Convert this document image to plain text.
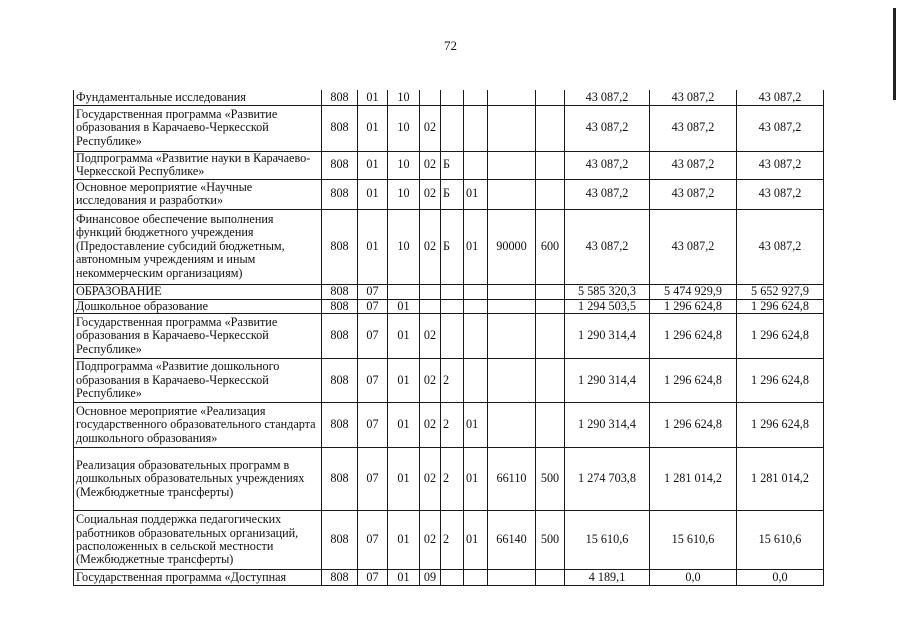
72
Фундаментальные исследования	808	01	10						43 087,2	43 087,2	43 087,2
Государственная программа «Развитие образования в Карачаево-Черкесской Республике»	808	01	10	02					43 087,2	43 087,2	43 087,2
Подпрограмма «Развитие науки в Карачаево-Черкесской Республике»	808	01	10	02	Б				43 087,2	43 087,2	43 087,2
Основное мероприятие «Научные исследования и разработки»	808	01	10	02	Б	01			43 087,2	43 087,2	43 087,2
Финансовое обеспечение выполнения функций бюджетного учреждения (Предоставление субсидий бюджетным, автономным учреждениям и иным некоммерческим организациям)	808	01	10	02	Б	01	90000	600	43 087,2	43 087,2	43 087,2
ОБРАЗОВАНИЕ	808	07							5 585 320,3	5 474 929,9	5 652 927,9
Дошкольное образование	808	07	01						1 294 503,5	1 296 624,8	1 296 624,8
Государственная программа «Развитие образования в Карачаево-Черкесской Республике»	808	07	01	02					1 290 314,4	1 296 624,8	1 296 624,8
Подпрограмма «Развитие дошкольного образования в Карачаево-Черкесской Республике»	808	07	01	02	2				1 290 314,4	1 296 624,8	1 296 624,8
Основное мероприятие «Реализация государственного образовательного стандарта дошкольного образования»	808	07	01	02	2	01			1 290 314,4	1 296 624,8	1 296 624,8
Реализация образовательных программ в дошкольных образовательных учреждениях (Межбюджетные трансферты)	808	07	01	02	2	01	66110	500	1 274 703,8	1 281 014,2	1 281 014,2
Социальная поддержка педагогических работников образовательных организаций, расположенных в сельской местности (Межбюджетные трансферты)	808	07	01	02	2	01	66140	500	15 610,6	15 610,6	15 610,6
Государственная программа «Доступная	808	07	01	09					4 189,1	0,0	0,0
